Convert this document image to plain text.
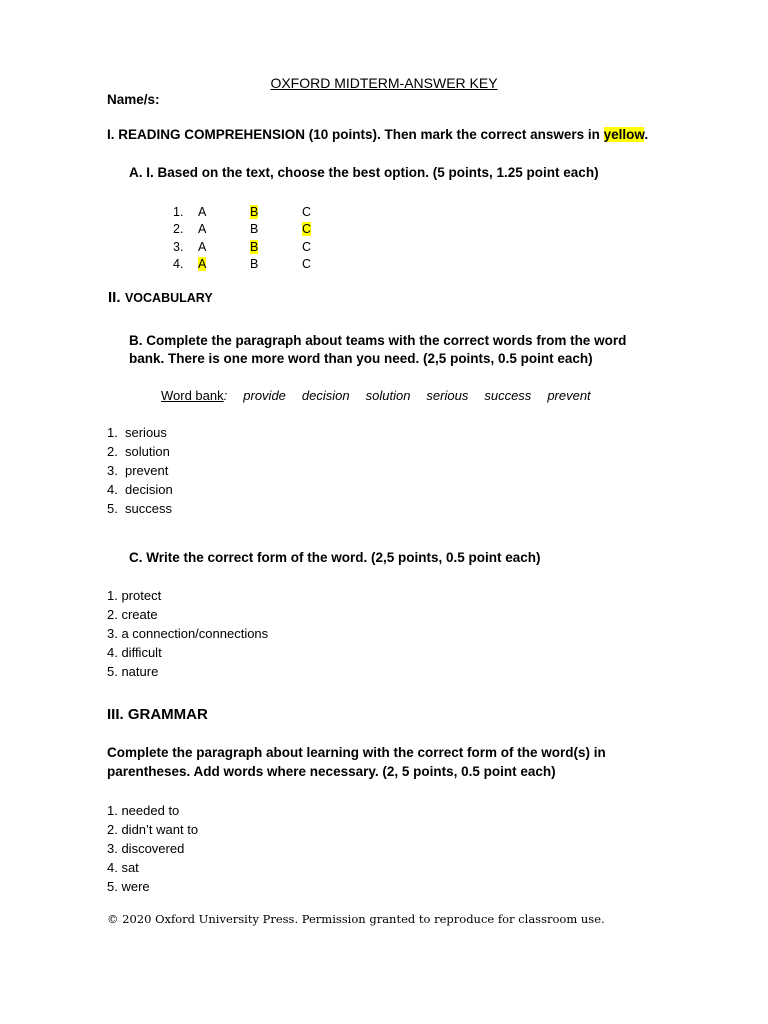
OXFORD MIDTERM-ANSWER KEY
Name/s:
I. READING COMPREHENSION (10 points). Then mark the correct answers in yellow.
A. I. Based on the text, choose the best option. (5 points, 1.25 point each)
1.	A	B	C
2.	A	B	C
3.	A	B	C
4.	A	B	C
II. VOCABULARY
B. Complete the paragraph about teams with the correct words from the word
bank. There is one more word than you need. (2,5 points, 0.5 point each)
Word bank: provide decision solution serious success prevent
1. serious
2. solution
3. prevent
4. decision
5. success
C. Write the correct form of the word. (2,5 points, 0.5 point each)
1. protect
2. create
3. a connection/connections
4. difficult
5. nature
III. GRAMMAR
Complete the paragraph about learning with the correct form of the word(s) in
parentheses. Add words where necessary. (2, 5 points, 0.5 point each)
1. needed to
2. didn’t want to
3. discovered
4. sat
5. were
© 2020 Oxford University Press. Permission granted to reproduce for classroom use.
